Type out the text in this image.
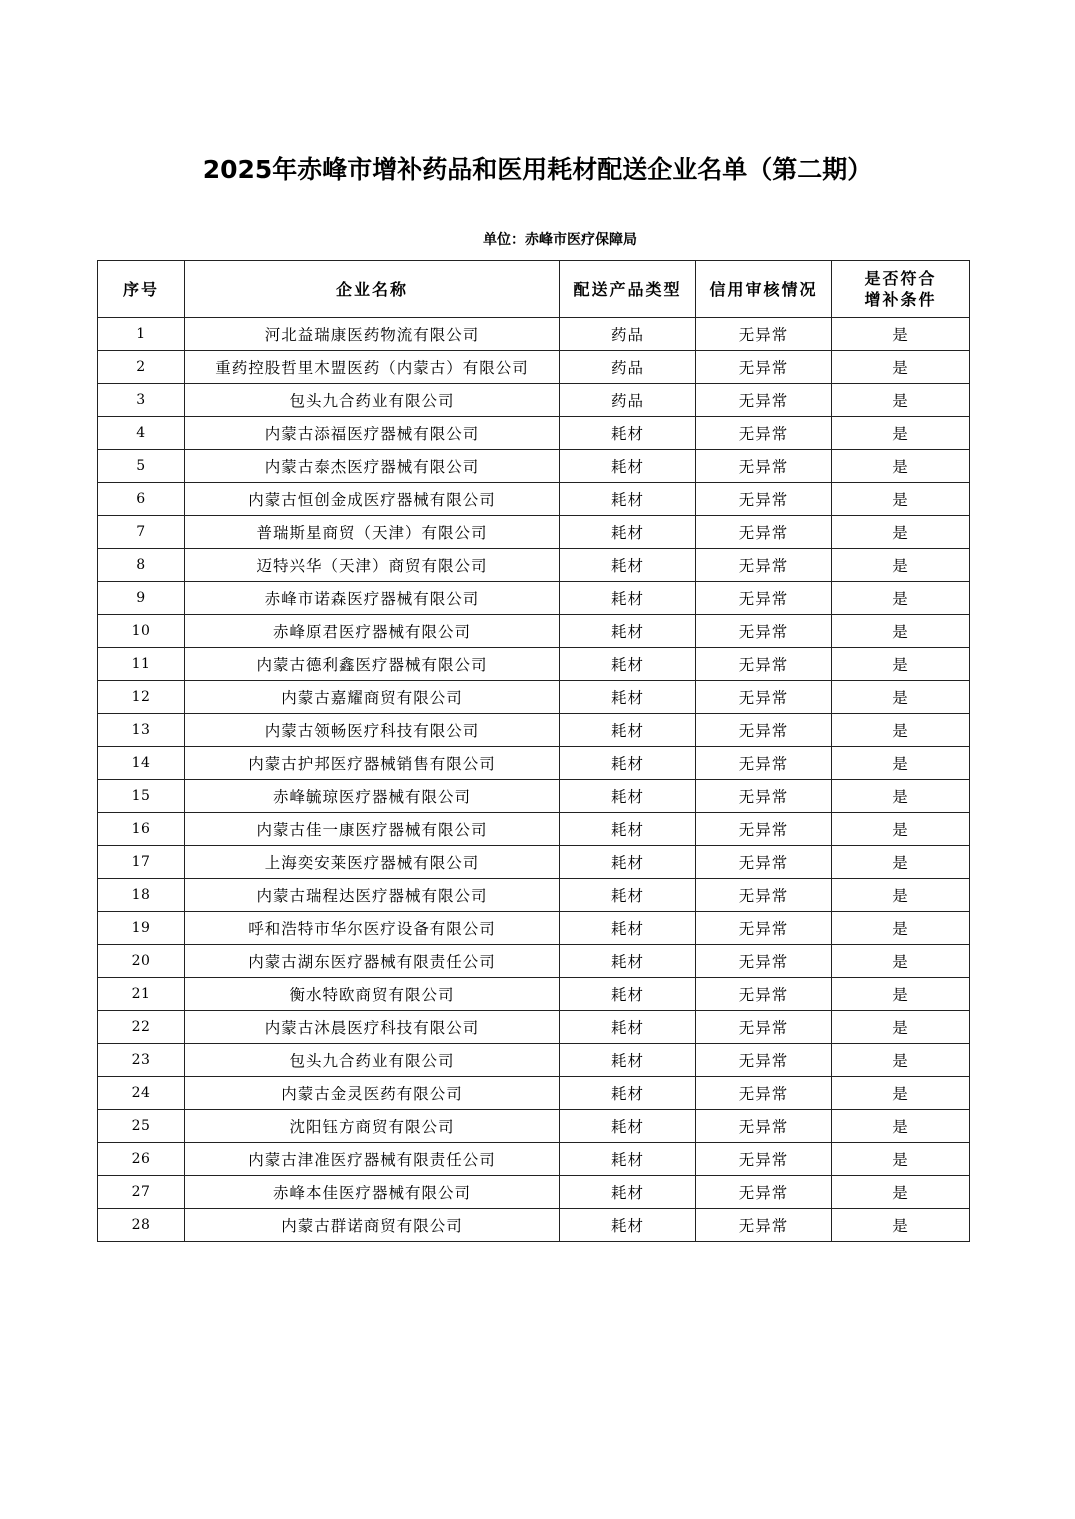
2025年赤峰市增补药品和医用耗材配送企业名单（第二期）
单位：赤峰市医疗保障局
序号	企业名称	配送产品类型	信用审核情况	是否符合
增补条件

1	河北益瑞康医药物流有限公司	药品	无异常	是
2	重药控股哲里木盟医药（内蒙古）有限公司	药品	无异常	是
3	包头九合药业有限公司	药品	无异常	是
4	内蒙古添福医疗器械有限公司	耗材	无异常	是
5	内蒙古泰杰医疗器械有限公司	耗材	无异常	是
6	内蒙古恒创金成医疗器械有限公司	耗材	无异常	是
7	普瑞斯星商贸（天津）有限公司	耗材	无异常	是
8	迈特兴华（天津）商贸有限公司	耗材	无异常	是
9	赤峰市诺森医疗器械有限公司	耗材	无异常	是
10	赤峰原君医疗器械有限公司	耗材	无异常	是
11	内蒙古德利鑫医疗器械有限公司	耗材	无异常	是
12	内蒙古嘉耀商贸有限公司	耗材	无异常	是
13	内蒙古领畅医疗科技有限公司	耗材	无异常	是
14	内蒙古护邦医疗器械销售有限公司	耗材	无异常	是
15	赤峰毓琼医疗器械有限公司	耗材	无异常	是
16	内蒙古佳一康医疗器械有限公司	耗材	无异常	是
17	上海奕安莱医疗器械有限公司	耗材	无异常	是
18	内蒙古瑞程达医疗器械有限公司	耗材	无异常	是
19	呼和浩特市华尔医疗设备有限公司	耗材	无异常	是
20	内蒙古湖东医疗器械有限责任公司	耗材	无异常	是
21	衡水特欧商贸有限公司	耗材	无异常	是
22	内蒙古沐晨医疗科技有限公司	耗材	无异常	是
23	包头九合药业有限公司	耗材	无异常	是
24	内蒙古金灵医药有限公司	耗材	无异常	是
25	沈阳钰方商贸有限公司	耗材	无异常	是
26	内蒙古津准医疗器械有限责任公司	耗材	无异常	是
27	赤峰本佳医疗器械有限公司	耗材	无异常	是
28	内蒙古群诺商贸有限公司	耗材	无异常	是
